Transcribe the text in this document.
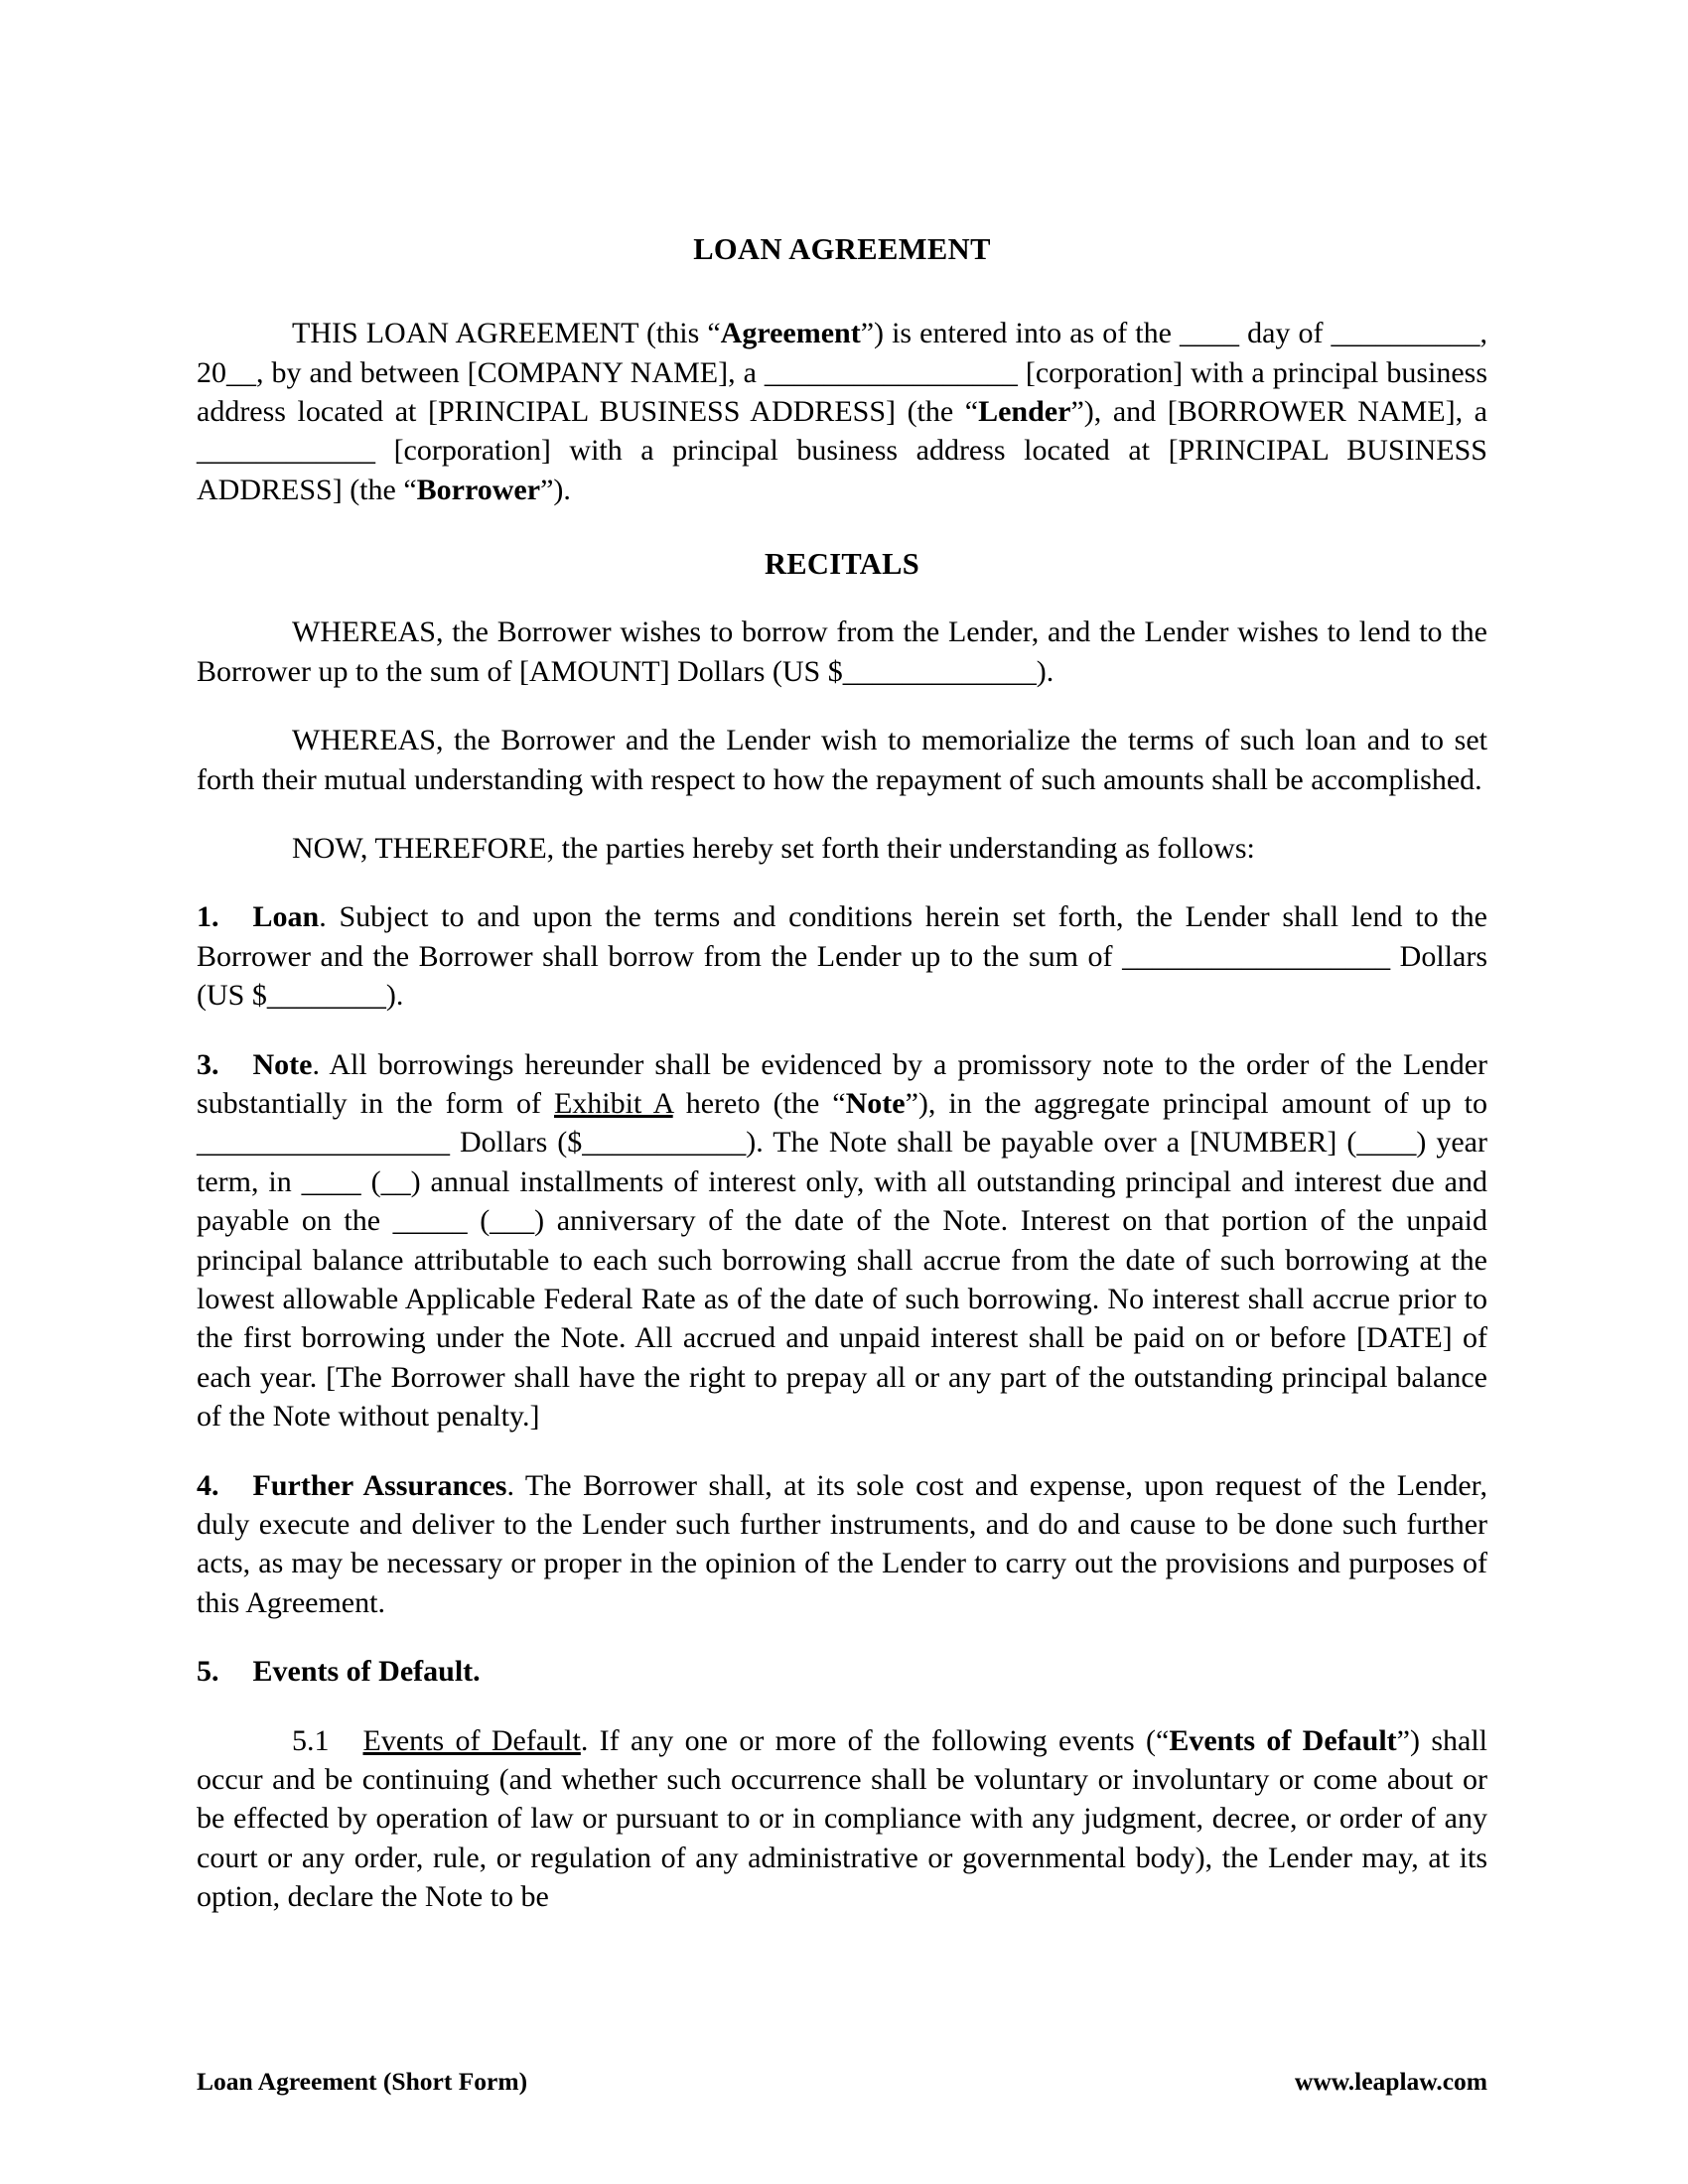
LOAN AGREEMENT

THIS LOAN AGREEMENT (this “Agreement”) is entered into as of the ____ day of __________, 20__, by and between [COMPANY NAME], a _________________ [corporation] with a principal business address located at [PRINCIPAL BUSINESS ADDRESS] (the “Lender”), and [BORROWER NAME], a ____________ [corporation] with a principal business address located at [PRINCIPAL BUSINESS ADDRESS] (the “Borrower”).

RECITALS

WHEREAS, the Borrower wishes to borrow from the Lender, and the Lender wishes to lend to the Borrower up to the sum of [AMOUNT] Dollars (US $_____________).

WHEREAS, the Borrower and the Lender wish to memorialize the terms of such loan and to set forth their mutual understanding with respect to how the repayment of such amounts shall be accomplished.

NOW, THEREFORE, the parties hereby set forth their understanding as follows:

1. Loan. Subject to and upon the terms and conditions herein set forth, the Lender shall lend to the Borrower and the Borrower shall borrow from the Lender up to the sum of __________________ Dollars (US $________).

3. Note. All borrowings hereunder shall be evidenced by a promissory note to the order of the Lender substantially in the form of Exhibit A hereto (the “Note”), in the aggregate principal amount of up to _________________ Dollars ($___________). The Note shall be payable over a [NUMBER] (____) year term, in ____ (__) annual installments of interest only, with all outstanding principal and interest due and payable on the _____ (___) anniversary of the date of the Note. Interest on that portion of the unpaid principal balance attributable to each such borrowing shall accrue from the date of such borrowing at the lowest allowable Applicable Federal Rate as of the date of such borrowing. No interest shall accrue prior to the first borrowing under the Note. All accrued and unpaid interest shall be paid on or before [DATE] of each year. [The Borrower shall have the right to prepay all or any part of the outstanding principal balance of the Note without penalty.]

4. Further Assurances. The Borrower shall, at its sole cost and expense, upon request of the Lender, duly execute and deliver to the Lender such further instruments, and do and cause to be done such further acts, as may be necessary or proper in the opinion of the Lender to carry out the provisions and purposes of this Agreement.

5. Events of Default.

5.1 Events of Default. If any one or more of the following events (“Events of Default”) shall occur and be continuing (and whether such occurrence shall be voluntary or involuntary or come about or be effected by operation of law or pursuant to or in compliance with any judgment, decree, or order of any court or any order, rule, or regulation of any administrative or governmental body), the Lender may, at its option, declare the Note to be

Loan Agreement (Short Form)	www.leaplaw.com
